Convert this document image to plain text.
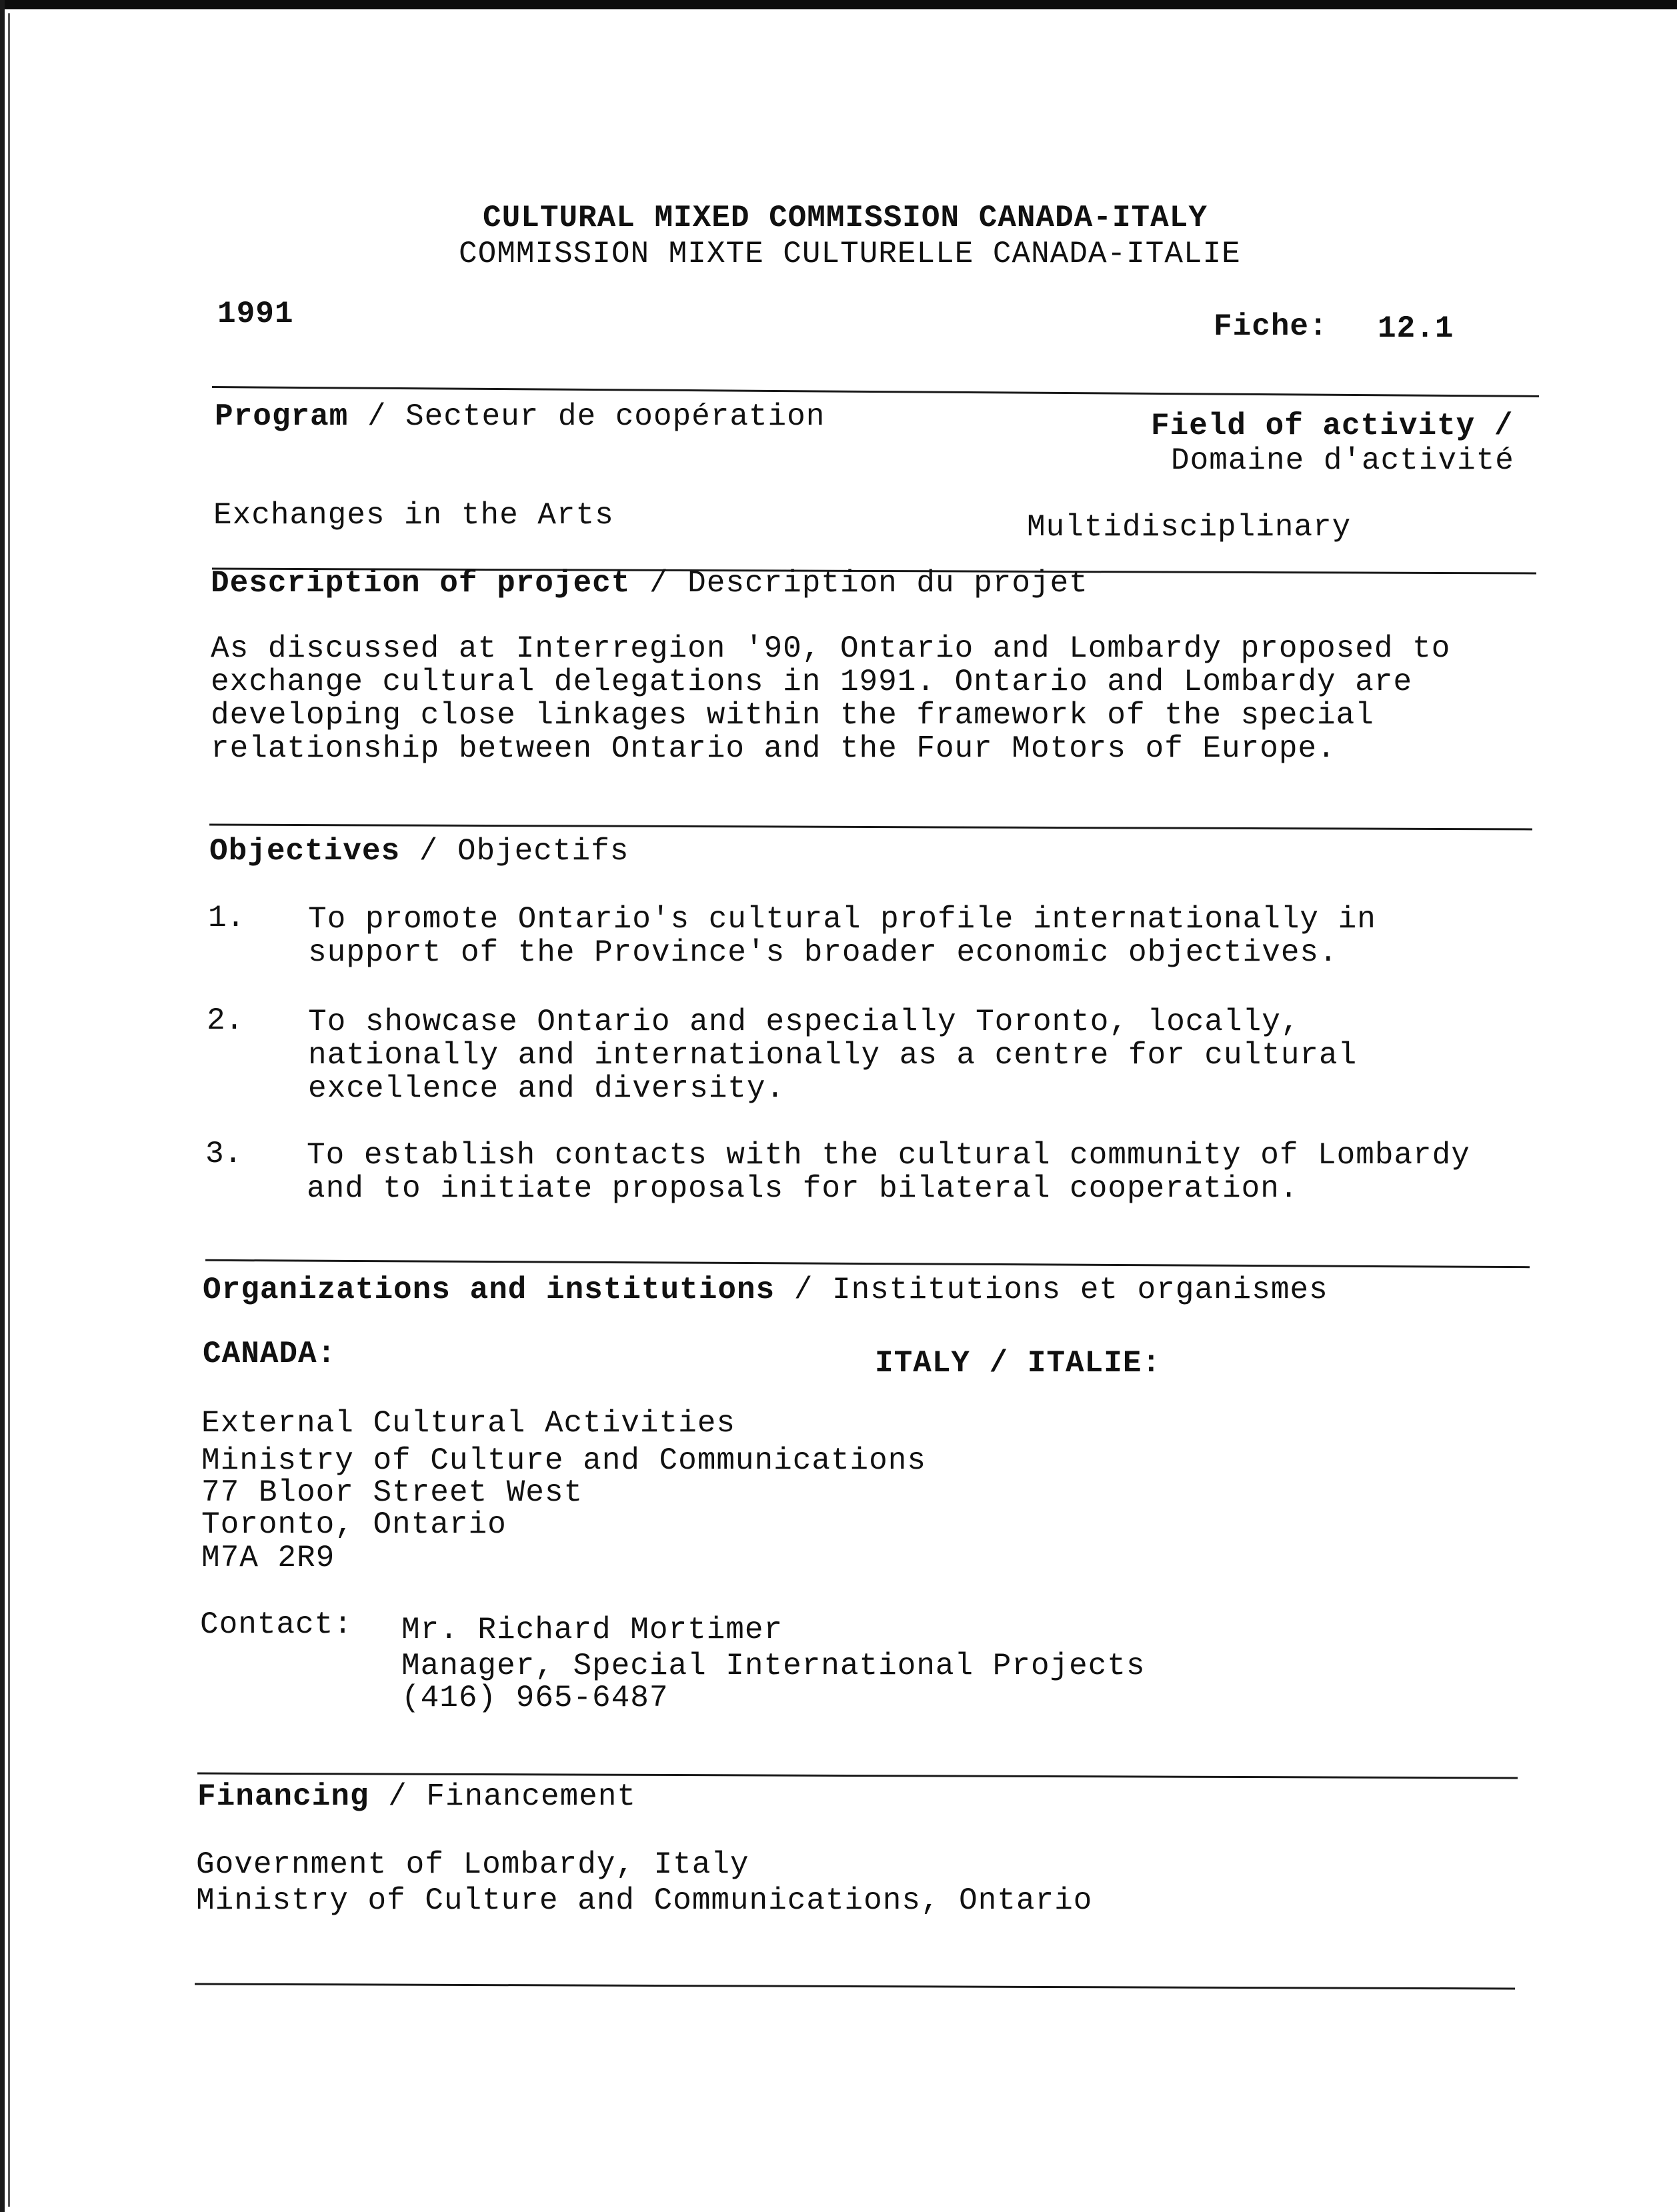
CULTURAL MIXED COMMISSION CANADA-ITALY
COMMISSION MIXTE CULTURELLE CANADA-ITALIE
1991	Fiche: 12.1
Program / Secteur de coopération	Field of activity /
Domaine d'activité
Exchanges in the Arts	Multidisciplinary
Description of project / Description du projet
As discussed at Interregion '90, Ontario and Lombardy proposed to
exchange cultural delegations in 1991. Ontario and Lombardy are
developing close linkages within the framework of the special
relationship between Ontario and the Four Motors of Europe.
Objectives / Objectifs
1. To promote Ontario's cultural profile internationally in
support of the Province's broader economic objectives.
2. To showcase Ontario and especially Toronto, locally,
nationally and internationally as a centre for cultural
excellence and diversity.
3. To establish contacts with the cultural community of Lombardy
and to initiate proposals for bilateral cooperation.
Organizations and institutions / Institutions et organismes
CANADA:	ITALY / ITALIE:
External Cultural Activities
Ministry of Culture and Communications
77 Bloor Street West
Toronto, Ontario
M7A 2R9
Contact: Mr. Richard Mortimer
Manager, Special International Projects
(416) 965-6487
Financing / Financement
Government of Lombardy, Italy
Ministry of Culture and Communications, Ontario
